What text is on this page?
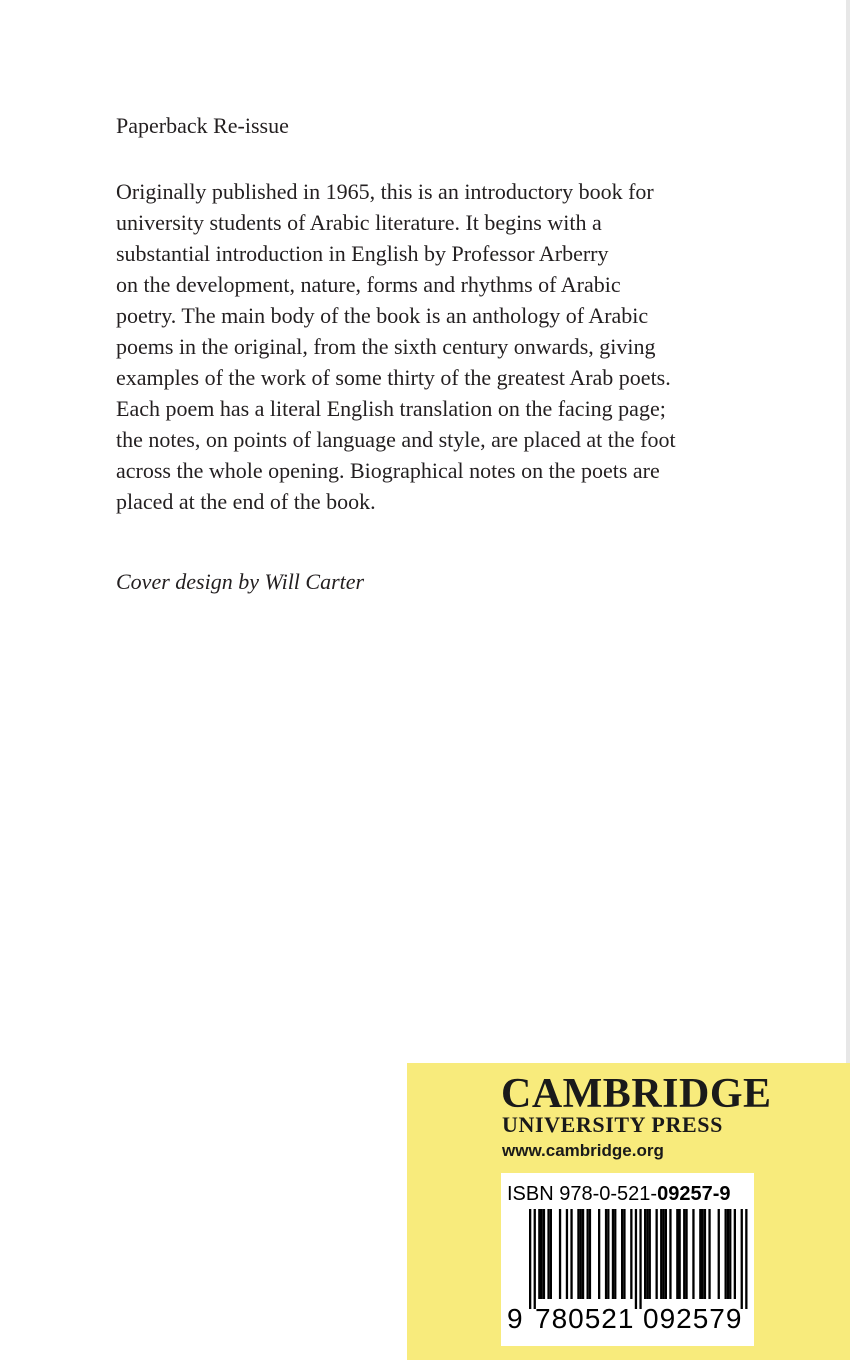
Paperback Re-issue

Originally published in 1965, this is an introductory book for
university students of Arabic literature. It begins with a
substantial introduction in English by Professor Arberry
on the development, nature, forms and rhythms of Arabic
poetry. The main body of the book is an anthology of Arabic
poems in the original, from the sixth century onwards, giving
examples of the work of some thirty of the greatest Arab poets.
Each poem has a literal English translation on the facing page;
the notes, on points of language and style, are placed at the foot
across the whole opening. Biographical notes on the poets are
placed at the end of the book.

Cover design by Will Carter

CAMBRIDGE

UNIVERSITY PRESS

www.cambridge.org

ISBN 978-0-521-09257-9

9 780521 092579
